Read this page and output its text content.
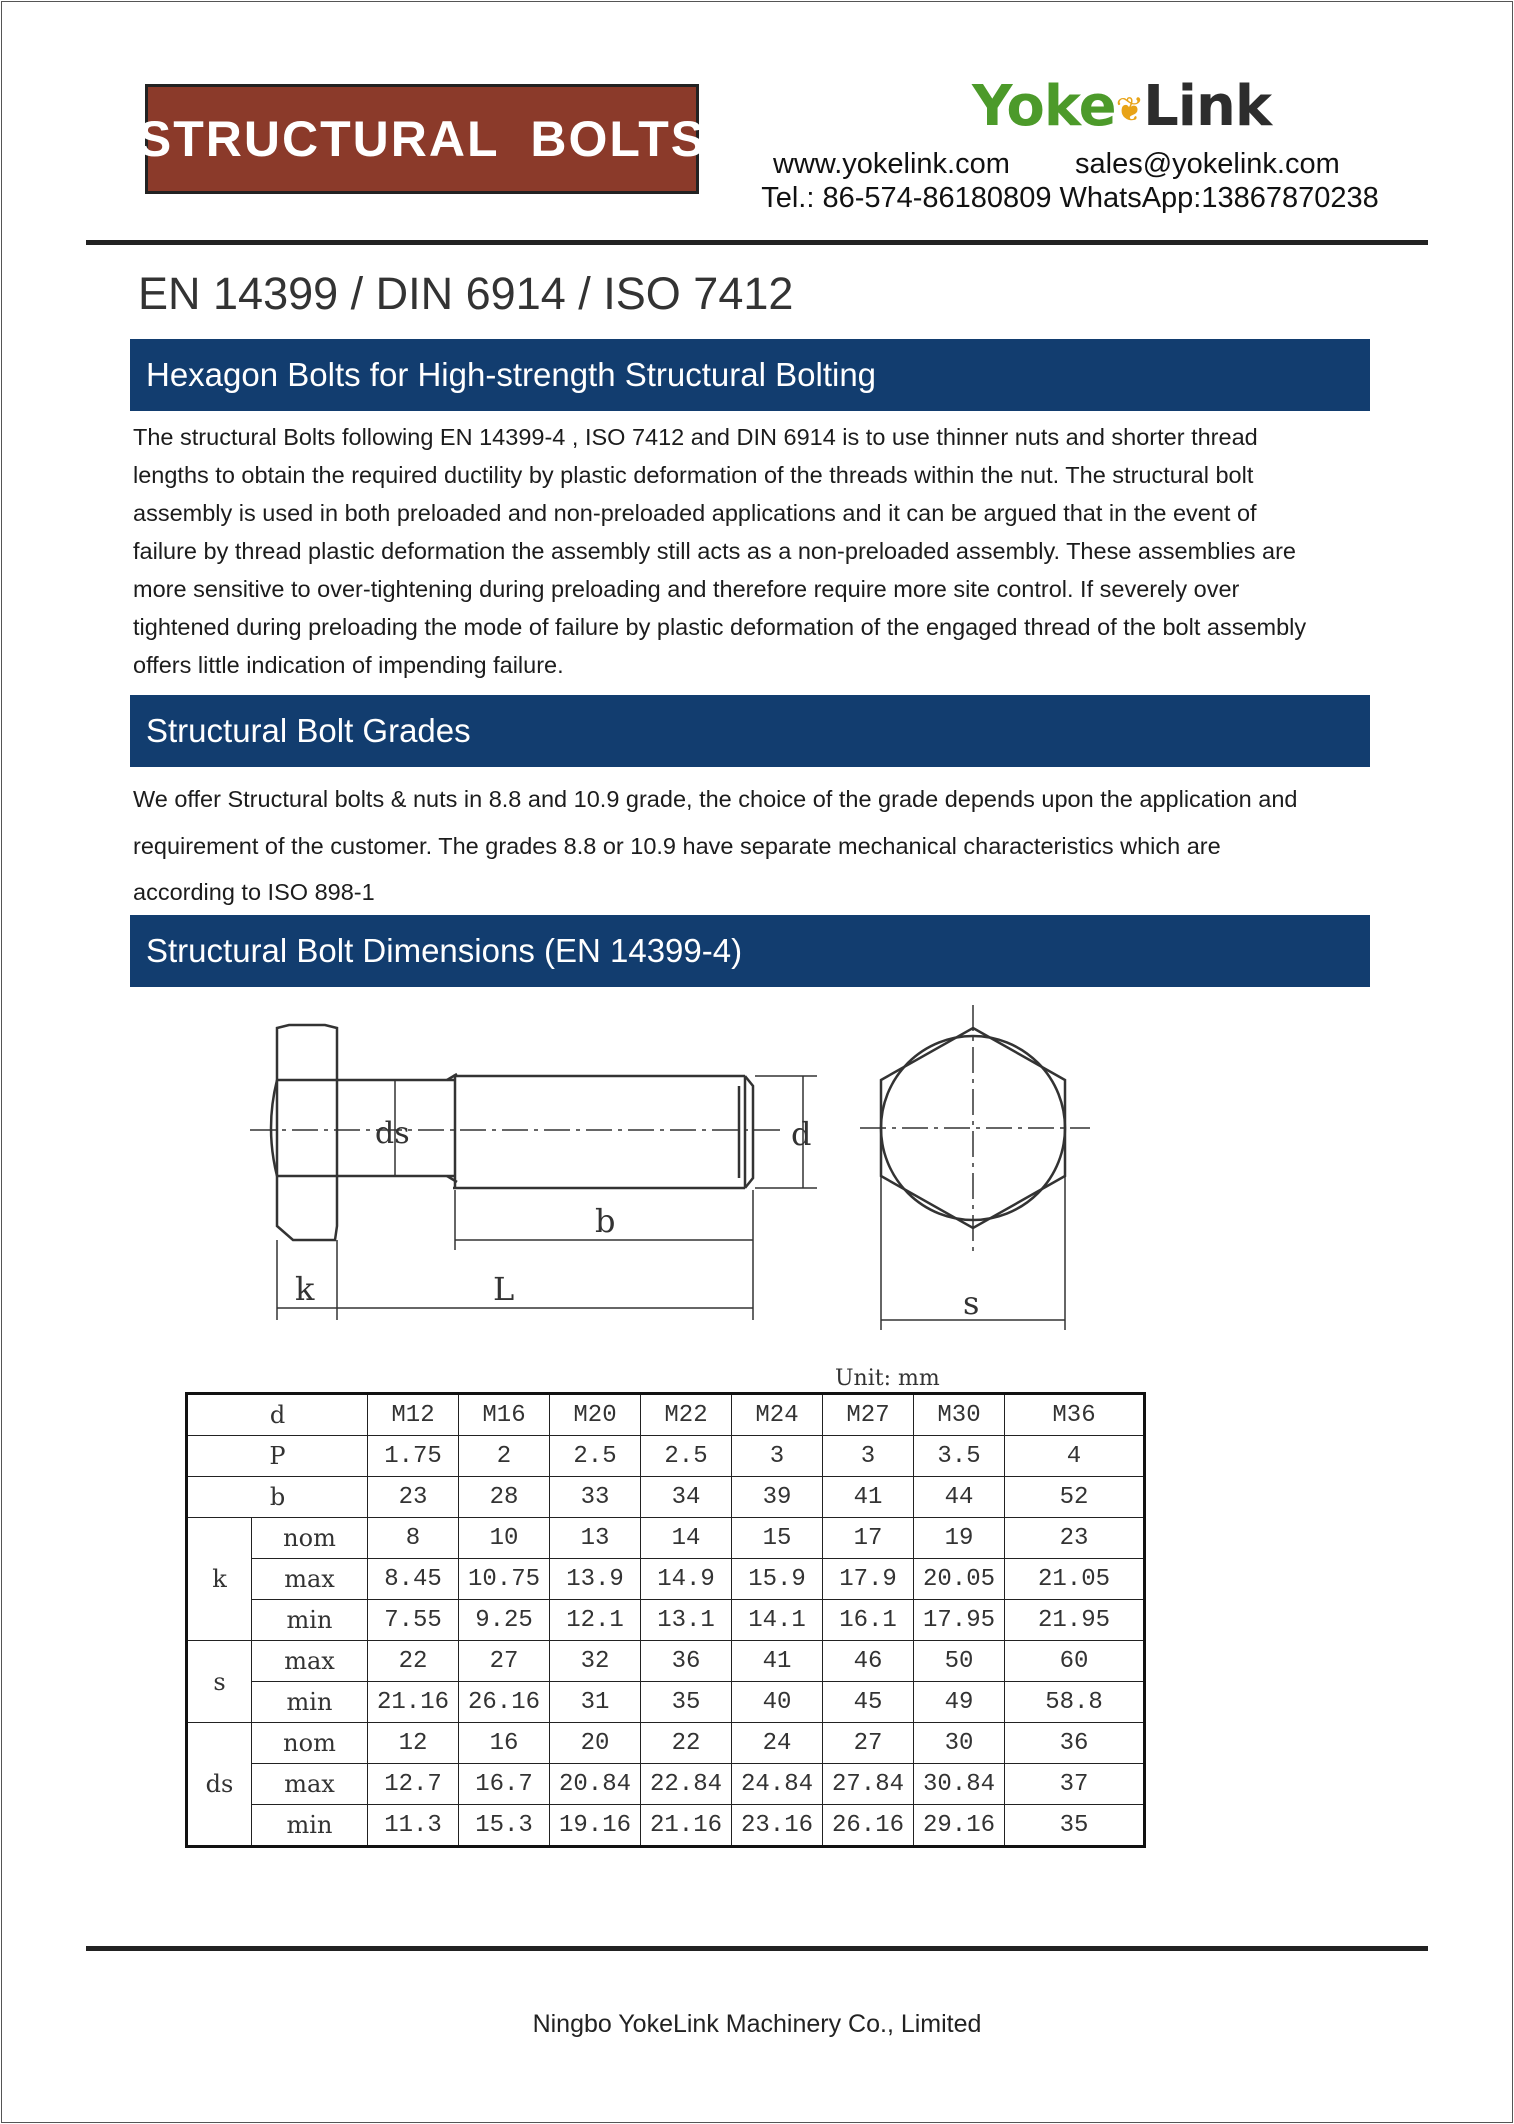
STRUCTURAL  BOLTS	Yoke❦Link
www.yokelink.com sales@yokelink.com
Tel.: 86-574-86180809 WhatsApp:13867870238
EN 14399 / DIN 6914 / ISO 7412
Hexagon Bolts for High-strength Structural Bolting
The structural Bolts following EN 14399-4 , ISO 7412 and DIN 6914 is to use thinner nuts and shorter thread
lengths to obtain the required ductility by plastic deformation of the threads within the nut. The structural bolt
assembly is used in both preloaded and non-preloaded applications and it can be argued that in the event of
failure by thread plastic deformation the assembly still acts as a non-preloaded assembly. These assemblies are
more sensitive to over-tightening during preloading and therefore require more site control. If severely over
tightened during preloading the mode of failure by plastic deformation of the engaged thread of the bolt assembly
offers little indication of impending failure.
Structural Bolt Grades
We offer Structural bolts & nuts in 8.8 and 10.9 grade, the choice of the grade depends upon the application and
requirement of the customer. The grades 8.8 or 10.9 have separate mechanical characteristics which are
according to ISO 898-1
Structural Bolt Dimensions (EN 14399-4)
ds	d
b
k	L	s
Unit: mm
d		M12	M16	M20	M22	M24	M27	M30	M36
P		1.75	2	2.5	2.5	3	3	3.5	4
b		23	28	33	34	39	41	44	52
k	nom	8	10	13	14	15	17	19	23
	max	8.45	10.75	13.9	14.9	15.9	17.9	20.05	21.05
	min	7.55	9.25	12.1	13.1	14.1	16.1	17.95	21.95
s	max	22	27	32	36	41	46	50	60
	min	21.16	26.16	31	35	40	45	49	58.8
ds	nom	12	16	20	22	24	27	30	36
	max	12.7	16.7	20.84	22.84	24.84	27.84	30.84	37
	min	11.3	15.3	19.16	21.16	23.16	26.16	29.16	35
Ningbo YokeLink Machinery Co., Limited
